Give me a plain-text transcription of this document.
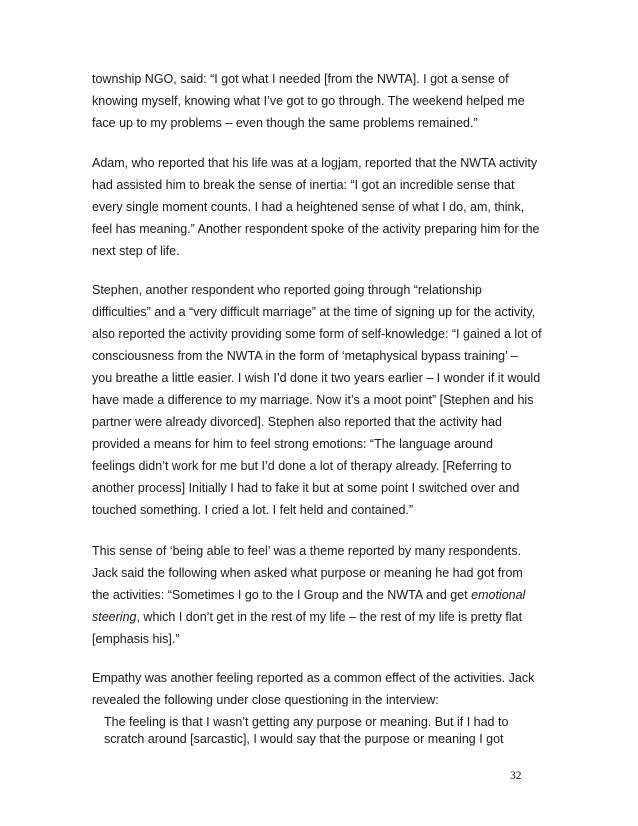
township NGO, said: “I got what I needed [from the NWTA]. I got a sense of
knowing myself, knowing what I’ve got to go through. The weekend helped me
face up to my problems – even though the same problems remained.”

Adam, who reported that his life was at a logjam, reported that the NWTA activity
had assisted him to break the sense of inertia: “I got an incredible sense that
every single moment counts. I had a heightened sense of what I do, am, think,
feel has meaning.” Another respondent spoke of the activity preparing him for the
next step of life.

Stephen, another respondent who reported going through “relationship
difficulties” and a “very difficult marriage” at the time of signing up for the activity,
also reported the activity providing some form of self-knowledge: “I gained a lot of
consciousness from the NWTA in the form of ‘metaphysical bypass training’ –
you breathe a little easier. I wish I’d done it two years earlier – I wonder if it would
have made a difference to my marriage. Now it’s a moot point” [Stephen and his
partner were already divorced]. Stephen also reported that the activity had
provided a means for him to feel strong emotions: “The language around
feelings didn’t work for me but I’d done a lot of therapy already. [Referring to
another process] Initially I had to fake it but at some point I switched over and
touched something. I cried a lot. I felt held and contained.”

This sense of ‘being able to feel’ was a theme reported by many respondents.
Jack said the following when asked what purpose or meaning he had got from
the activities: “Sometimes I go to the I Group and the NWTA and get emotional
steering, which I don’t get in the rest of my life – the rest of my life is pretty flat
[emphasis his].”

Empathy was another feeling reported as a common effect of the activities. Jack
revealed the following under close questioning in the interview:

The feeling is that I wasn’t getting any purpose or meaning. But if I had to
scratch around [sarcastic], I would say that the purpose or meaning I got

32
